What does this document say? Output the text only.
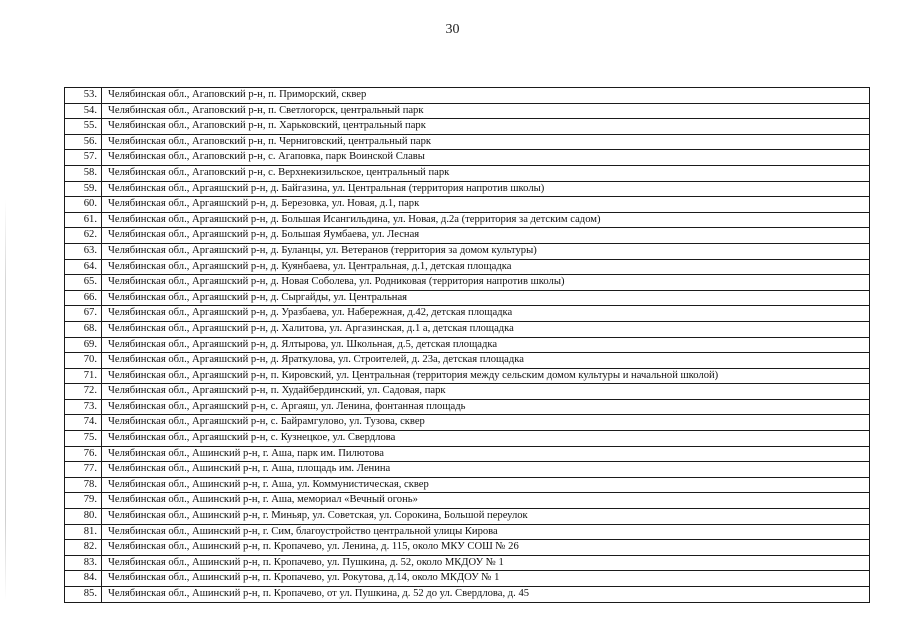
30
53.	Челябинская обл., Агаповский р-н, п. Приморский, сквер
54.	Челябинская обл., Агаповский р-н, п. Светлогорск, центральный парк
55.	Челябинская обл., Агаповский р-н, п. Харьковский, центральный парк
56.	Челябинская обл., Агаповский р-н, п. Черниговский, центральный парк
57.	Челябинская обл., Агаповский р-н, с. Агаповка, парк Воинской Славы
58.	Челябинская обл., Агаповский р-н, с. Верхнекизильское, центральный парк
59.	Челябинская обл., Аргаяшский р-н, д. Байгазина, ул. Центральная (территория напротив школы)
60.	Челябинская обл., Аргаяшский р-н, д. Березовка, ул. Новая, д.1, парк
61.	Челябинская обл., Аргаяшский р-н, д. Большая Исангильдина, ул. Новая, д.2а (территория за детским садом)
62.	Челябинская обл., Аргаяшский р-н, д. Большая Яумбаева, ул. Лесная
63.	Челябинская обл., Аргаяшский р-н, д. Буланцы, ул. Ветеранов (территория за домом культуры)
64.	Челябинская обл., Аргаяшский р-н, д. Куянбаева, ул. Центральная, д.1, детская площадка
65.	Челябинская обл., Аргаяшский р-н, д. Новая Соболева, ул. Родниковая (территория напротив школы)
66.	Челябинская обл., Аргаяшский р-н, д. Сыргайды, ул. Центральная
67.	Челябинская обл., Аргаяшский р-н, д. Уразбаева, ул. Набережная, д.42, детская площадка
68.	Челябинская обл., Аргаяшский р-н, д. Халитова, ул. Аргазинская, д.1 а, детская площадка
69.	Челябинская обл., Аргаяшский р-н, д. Ялтырова, ул. Школьная, д.5, детская площадка
70.	Челябинская обл., Аргаяшский р-н, д. Яраткулова, ул. Строителей, д. 23а, детская площадка
71.	Челябинская обл., Аргаяшский р-н, п. Кировский, ул. Центральная (территория между сельским домом культуры и начальной школой)
72.	Челябинская обл., Аргаяшский р-н, п. Худайбердинский, ул. Садовая, парк
73.	Челябинская обл., Аргаяшский р-н, с. Аргаяш, ул. Ленина, фонтанная площадь
74.	Челябинская обл., Аргаяшский р-н, с. Байрамгулово, ул. Тузова, сквер
75.	Челябинская обл., Аргаяшский р-н, с. Кузнецкое, ул. Свердлова
76.	Челябинская обл., Ашинский р-н, г. Аша, парк им. Пилютова
77.	Челябинская обл., Ашинский р-н, г. Аша, площадь им. Ленина
78.	Челябинская обл., Ашинский р-н, г. Аша, ул. Коммунистическая, сквер
79.	Челябинская обл., Ашинский р-н, г. Аша, мемориал «Вечный огонь»
80.	Челябинская обл., Ашинский р-н, г. Миньяр, ул. Советская, ул. Сорокина, Большой переулок
81.	Челябинская обл., Ашинский р-н, г. Сим, благоустройство центральной улицы Кирова
82.	Челябинская обл., Ашинский р-н, п. Кропачево, ул. Ленина, д. 115, около МКУ СОШ № 26
83.	Челябинская обл., Ашинский р-н, п. Кропачево, ул. Пушкина, д. 52, около МКДОУ № 1
84.	Челябинская обл., Ашинский р-н, п. Кропачево, ул. Рокутова, д.14, около МКДОУ № 1
85.	Челябинская обл., Ашинский р-н, п. Кропачево, от ул. Пушкина, д. 52 до ул. Свердлова, д. 45
